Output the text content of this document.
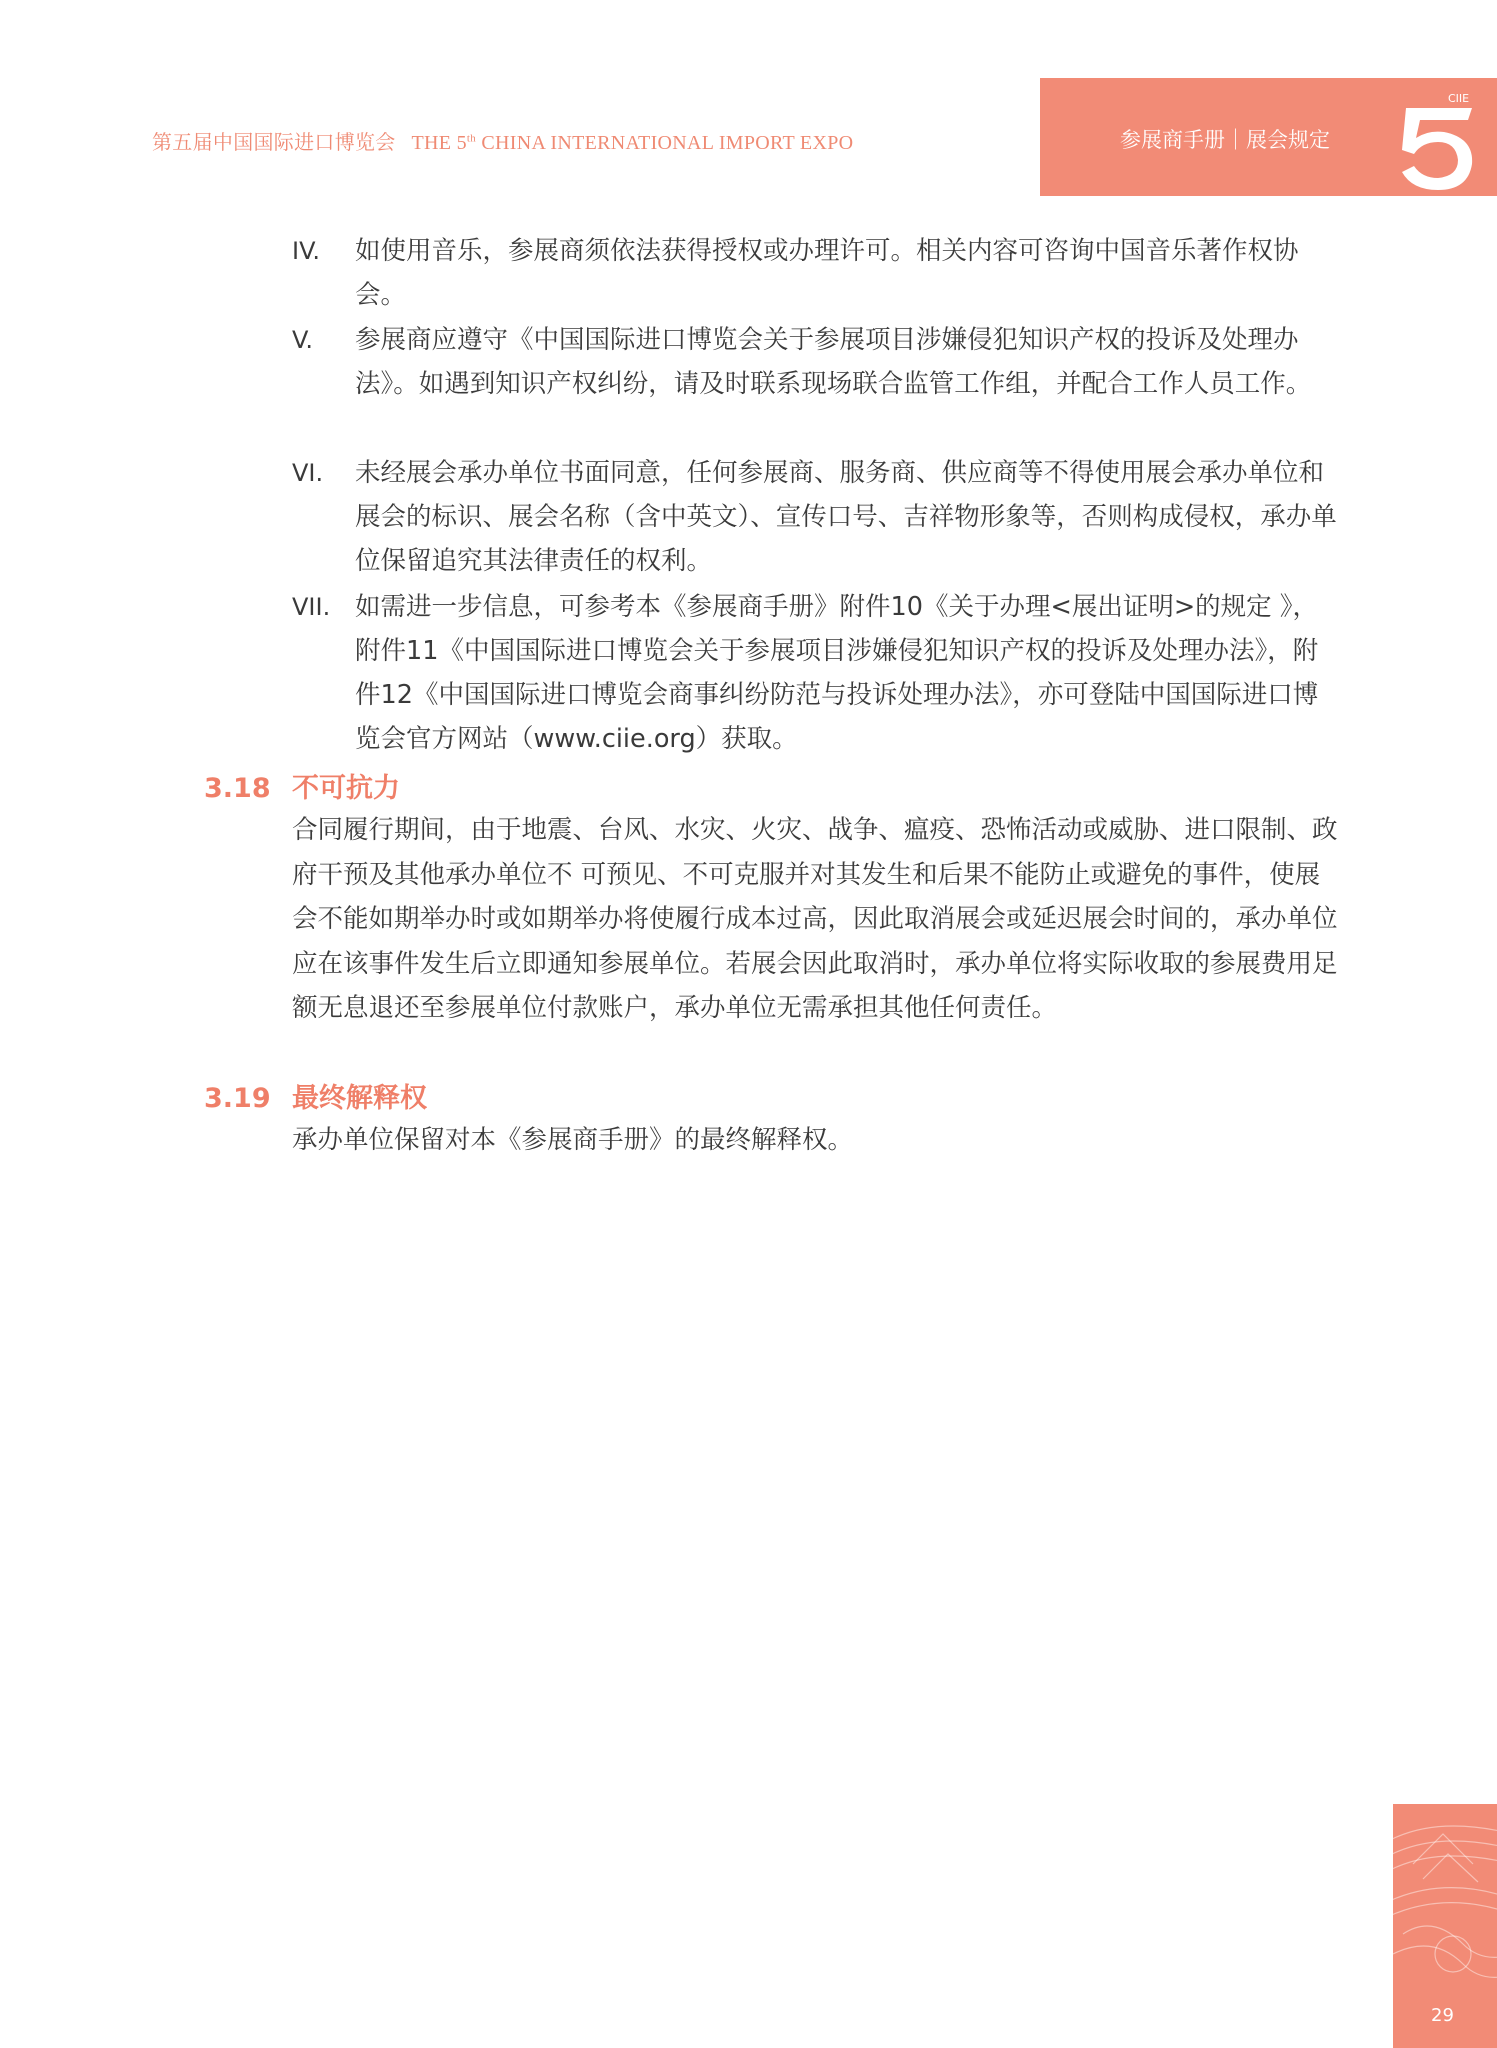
第五届中国国际进口博览会 THE 5th CHINA INTERNATIONAL IMPORT EXPO	参展商手册｜展会规定
CIIE
IV.	如使用音乐，参展商须依法获得授权或办理许可。相关内容可咨询中国音乐著作权协会。
V.	参展商应遵守《中国国际进口博览会关于参展项目涉嫌侵犯知识产权的投诉及处理办法》。如遇到知识产权纠纷，请及时联系现场联合监管工作组，并配合工作人员工作。
VI.	未经展会承办单位书面同意，任何参展商、服务商、供应商等不得使用展会承办单位和展会的标识、展会名称（含中英文）、宣传口号、吉祥物形象等，否则构成侵权，承办单位保留追究其法律责任的权利。
VII. 如需进一步信息，可参考本《参展商手册》附件10《关于办理<展出证明>的规定 》，附件11《中国国际进口博览会关于参展项目涉嫌侵犯知识产权的投诉及处理办法》，附件12《中国国际进口博览会商事纠纷防范与投诉处理办法》，亦可登陆中国国际进口博览会官方网站（www.ciie.org）获取。
3.18 不可抗力
合同履行期间，由于地震、台风、水灾、火灾、战争、瘟疫、恐怖活动或威胁、进口限制、政府干预及其他承办单位不 可预见、不可克服并对其发生和后果不能防止或避免的事件，使展会不能如期举办时或如期举办将使履行成本过高，因此取消展会或延迟展会时间的，承办单位应在该事件发生后立即通知参展单位。若展会因此取消时，承办单位将实际收取的参展费用足额无息退还至参展单位付款账户，承办单位无需承担其他任何责任。
3.19 最终解释权
承办单位保留对本《参展商手册》的最终解释权。
29
